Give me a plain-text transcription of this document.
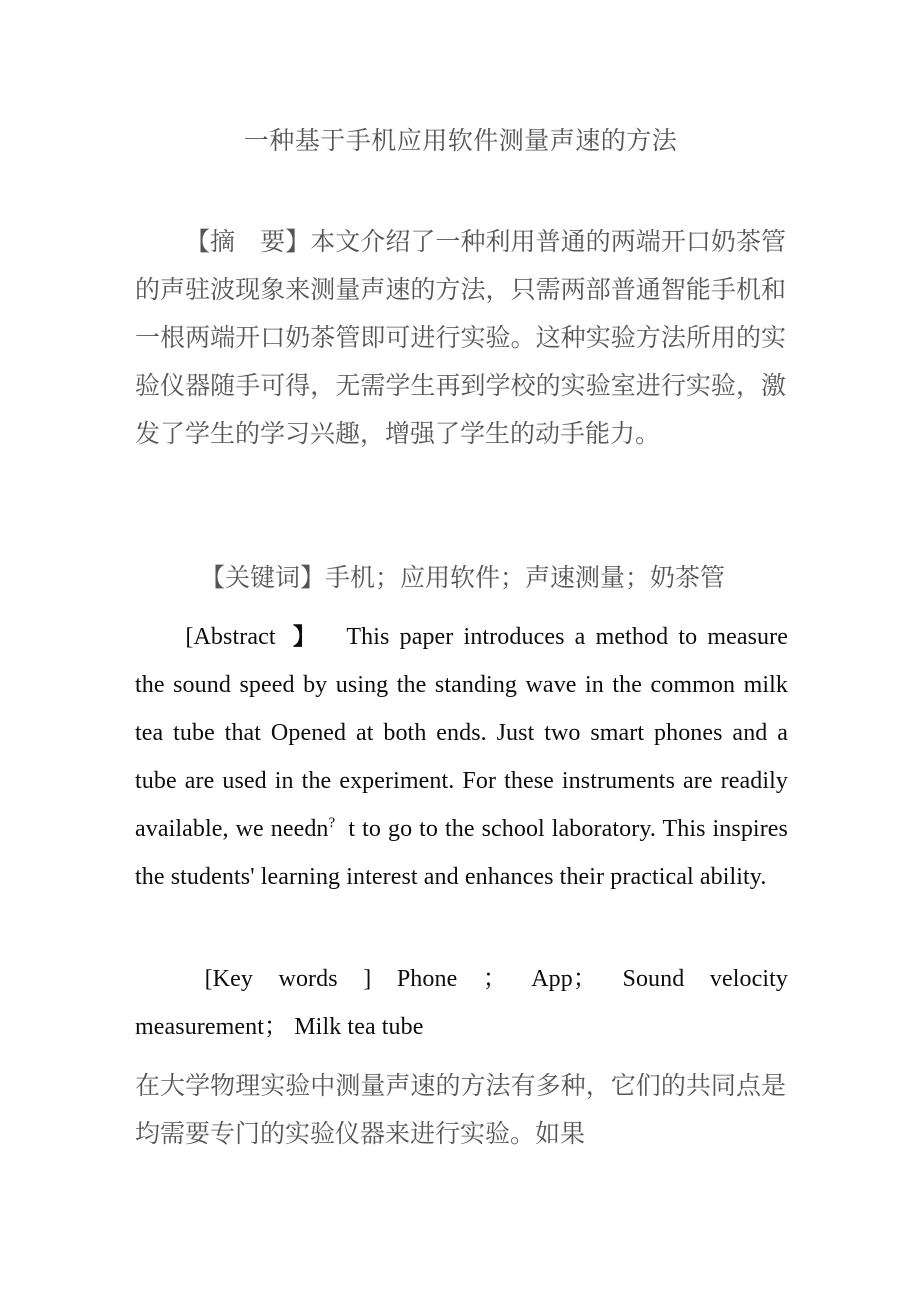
一种基于手机应用软件测量声速的方法

【摘　要】本文介绍了一种利用普通的两端开口奶茶管的声驻波现象来测量声速的方法，只需两部普通智能手机和一根两端开口奶茶管即可进行实验。这种实验方法所用的实验仪器随手可得，无需学生再到学校的实验室进行实验，激发了学生的学习兴趣，增强了学生的动手能力。

【关键词】手机；应用软件；声速测量；奶茶管

[Abstract 】 This paper introduces a method to measure the sound speed by using the standing wave in the common milk tea tube that Opened at both ends. Just two smart phones and a tube are used in the experiment. For these instruments are readily available, we needn? t to go to the school laboratory. This inspires the students' learning interest and enhances their practical ability.

[Key words ] Phone ； App； Sound velocity measurement； Milk tea tube

在大学物理实验中测量声速的方法有多种，它们的共同点是均需要专门的实验仪器来进行实验。如果
